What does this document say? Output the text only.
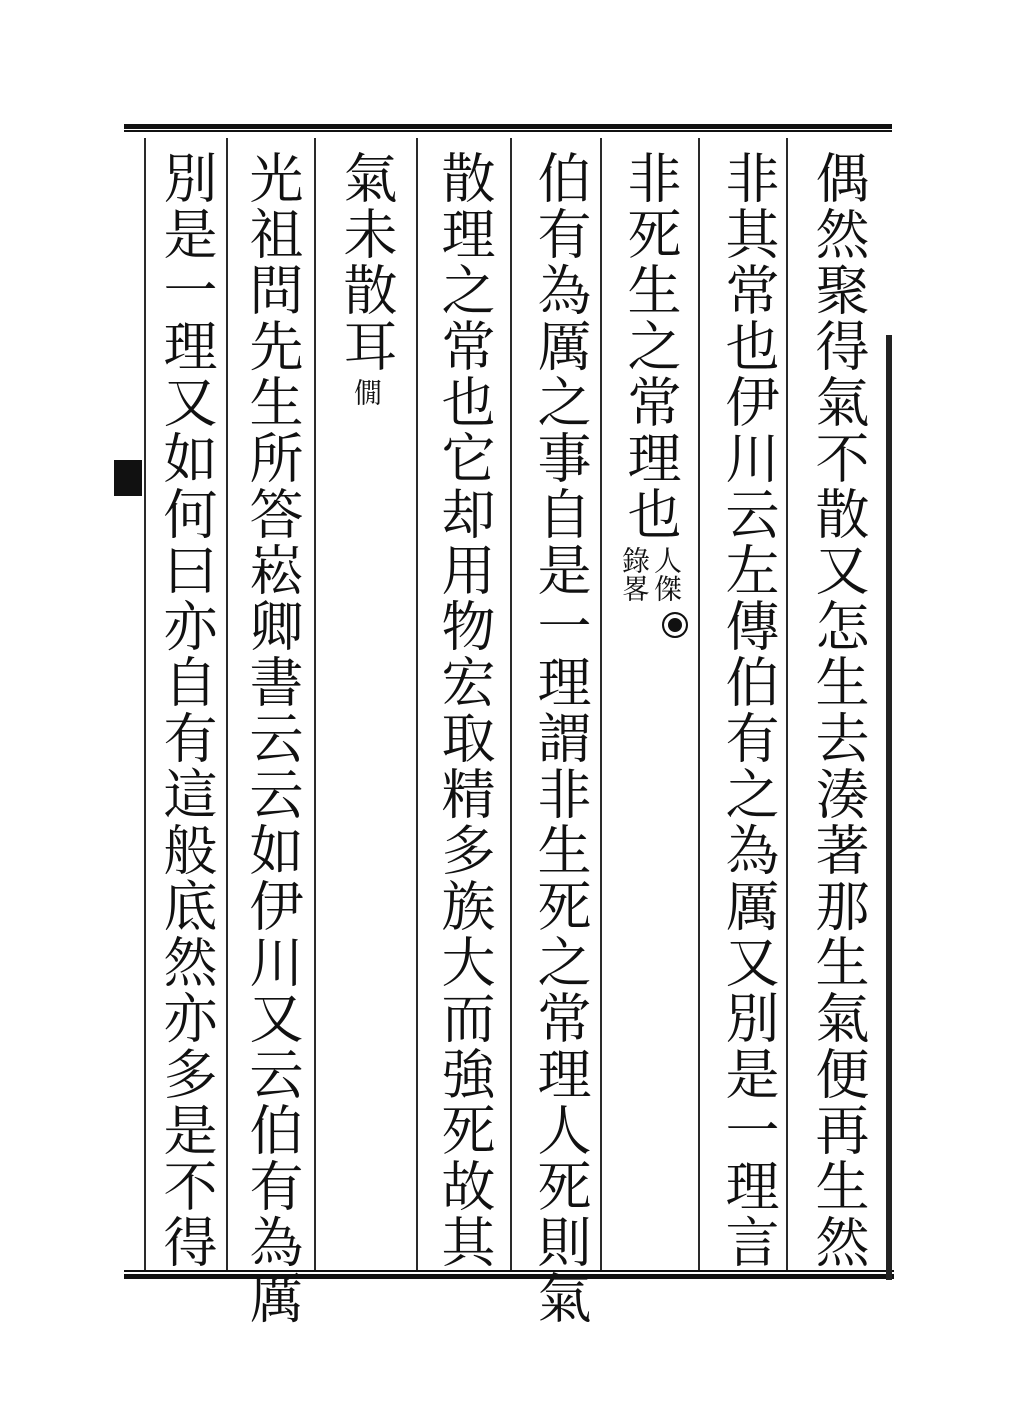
偶然聚得氣不散又怎生去湊著那生氣便再生然
非其常也伊川云左傳伯有之為厲又別是一理言
非死生之常理也
人傑
錄畧
伯有為厲之事自是一理謂非生死之常理人死則氣
散理之常也它却用物宏取精多族大而強死故其
氣未散耳
僩
光祖問先生所答崧卿書云云如伊川又云伯有為厲
別是一理又如何曰亦自有這般底然亦多是不得
